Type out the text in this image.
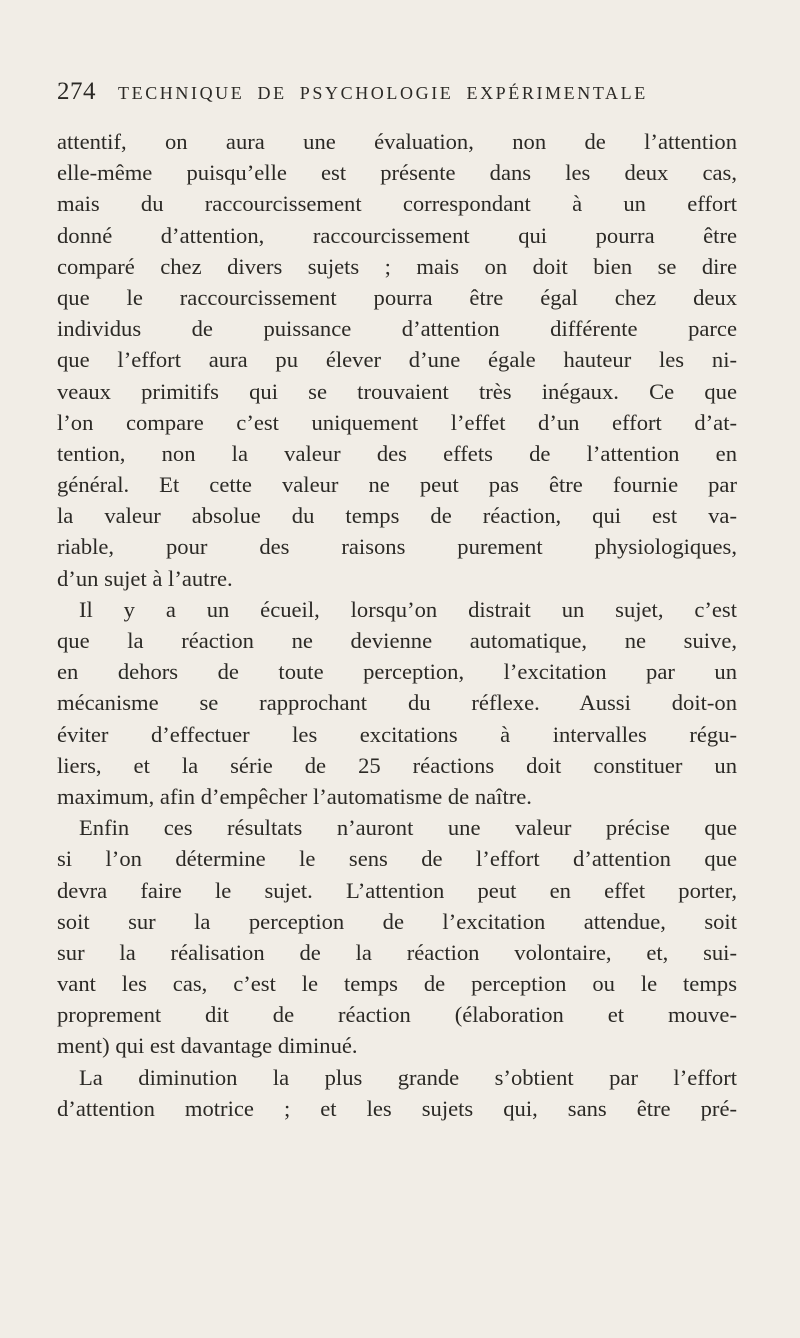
274 TECHNIQUE DE PSYCHOLOGIE EXPÉRIMENTALE
attentif, on aura une évaluation, non de l’attention
elle-même puisqu’elle est présente dans les deux cas,
mais du raccourcissement correspondant à un effort
donné d’attention, raccourcissement qui pourra être
comparé chez divers sujets ; mais on doit bien se dire
que le raccourcissement pourra être égal chez deux
individus de puissance d’attention différente parce
que l’effort aura pu élever d’une égale hauteur les ni-
veaux primitifs qui se trouvaient très inégaux. Ce que
l’on compare c’est uniquement l’effet d’un effort d’at-
tention, non la valeur des effets de l’attention en
général. Et cette valeur ne peut pas être fournie par
la valeur absolue du temps de réaction, qui est va-
riable, pour des raisons purement physiologiques,
d’un sujet à l’autre.
Il y a un écueil, lorsqu’on distrait un sujet, c’est
que la réaction ne devienne automatique, ne suive,
en dehors de toute perception, l’excitation par un
mécanisme se rapprochant du réflexe. Aussi doit-on
éviter d’effectuer les excitations à intervalles régu-
liers, et la série de 25 réactions doit constituer un
maximum, afin d’empêcher l’automatisme de naître.
Enfin ces résultats n’auront une valeur précise que
si l’on détermine le sens de l’effort d’attention que
devra faire le sujet. L’attention peut en effet porter,
soit sur la perception de l’excitation attendue, soit
sur la réalisation de la réaction volontaire, et, sui-
vant les cas, c’est le temps de perception ou le temps
proprement dit de réaction (élaboration et mouve-
ment) qui est davantage diminué.
La diminution la plus grande s’obtient par l’effort
d’attention motrice ; et les sujets qui, sans être pré-
